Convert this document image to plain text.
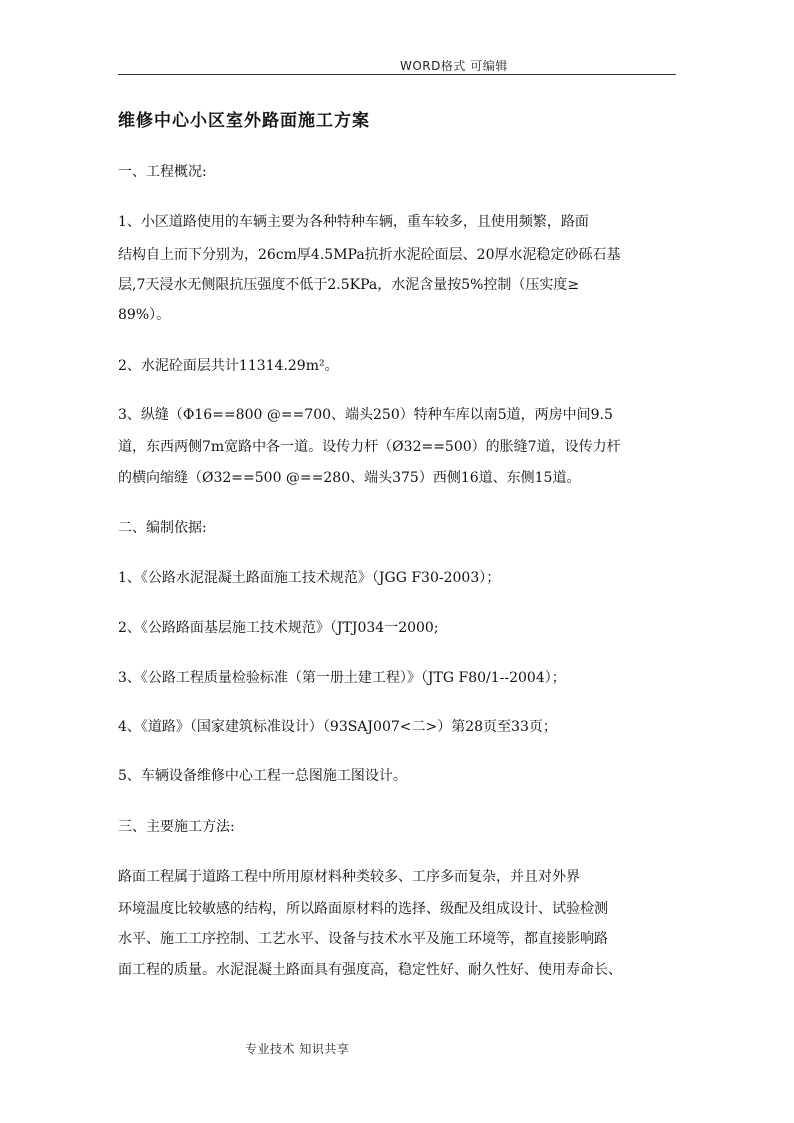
WORD格式 可编辑
维修中心小区室外路面施工方案
一、工程概况:
1、小区道路使用的车辆主要为各种特种车辆，重车较多，且使用频繁，路面
结构自上而下分别为，26cm厚4.5MPa抗折水泥砼面层、20厚水泥稳定砂砾石基
层,7天浸水无侧限抗压强度不低于2.5KPa，水泥含量按5%控制（压实度≥
89%）。
2、水泥砼面层共计11314.29m²。
3、纵缝（Φ16==800 @==700、端头250）特种车库以南5道，两房中间9.5
道，东西两侧7m宽路中各一道。设传力杆（Ø32==500）的胀缝7道，设传力杆
的横向缩缝（Ø32==500 @==280、端头375）西侧16道、东侧15道。
二、编制依据:
1、《公路水泥混凝土路面施工技术规范》（JGG F30-2003）；
2、《公路路面基层施工技术规范》（JTJ034一2000;
3、《公路工程质量检验标准（第一册土建工程）》（JTG F80/1--2004）；
4、《道路》（国家建筑标准设计）（93SAJ007<二>）第28页至33页；
5、车辆设备维修中心工程一总图施工图设计。
三、主要施工方法:
路面工程属于道路工程中所用原材料种类较多、工序多而复杂，并且对外界
环境温度比较敏感的结构，所以路面原材料的选择、级配及组成设计、试验检测
水平、施工工序控制、工艺水平、设备与技术水平及施工环境等，都直接影响路
面工程的质量。水泥混凝土路面具有强度高，稳定性好、耐久性好、使用寿命长、
专业技术 知识共享
